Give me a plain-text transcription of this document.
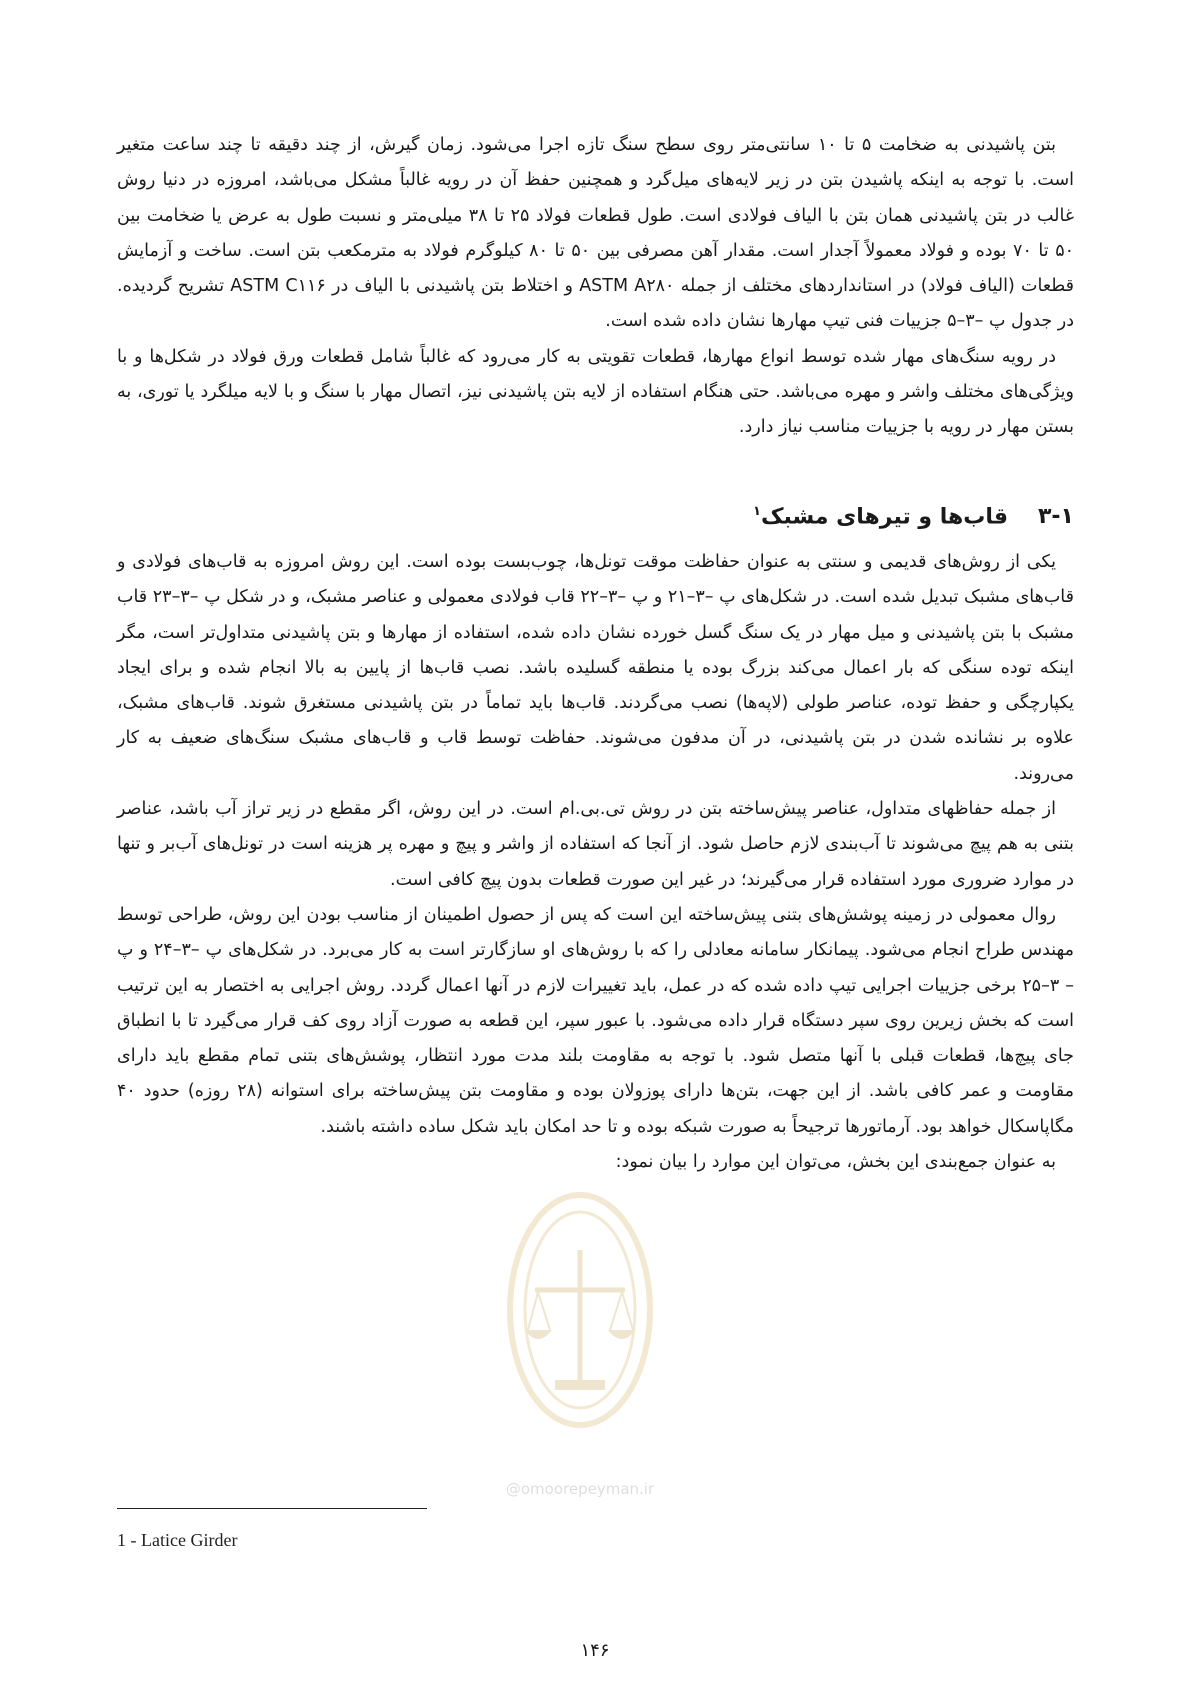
بتن پاشیدنی به ضخامت ۵ تا ۱۰ سانتی‌متر روی سطح سنگ تازه اجرا می‌شود. زمان گیرش، از چند دقیقه تا چند ساعت متغیر است. با توجه به اینکه پاشیدن بتن در زیر لایه‌های میل‌گرد و همچنین حفظ آن در رویه غالباً مشکل می‌باشد، امروزه در دنیا روش غالب در بتن پاشیدنی همان بتن با الیاف فولادی است. طول قطعات فولاد ۲۵ تا ۳۸ میلی‌متر و نسبت طول به عرض یا ضخامت بین ۵۰ تا ۷۰ بوده و فولاد معمولاً آجدار است. مقدار آهن مصرفی بین ۵۰ تا ۸۰ کیلوگرم فولاد به مترمکعب بتن است. ساخت و آزمایش قطعات (الیاف فولاد) در استانداردهای مختلف از جمله ASTM A۲۸۰ و اختلاط بتن پاشیدنی با الیاف در ASTM C۱۱۶ تشریح گردیده. در جدول پ –۳–۵ جزییات فنی تیپ مهارها نشان داده شده است.

در رویه سنگ‌های مهار شده توسط انواع مهارها، قطعات تقویتی به کار می‌رود که غالباً شامل قطعات ورق فولاد در شکل‌ها و با ویژگی‌های مختلف واشر و مهره می‌باشد. حتی هنگام استفاده از لایه بتن پاشیدنی نیز، اتصال مهار با سنگ و با لایه میلگرد یا توری، به بستن مهار در رویه با جزییات مناسب نیاز دارد.

۳-۱قاب‌ها و تیرهای مشبک$^۱$

یکی از روش‌های قدیمی و سنتی به عنوان حفاظت موقت تونل‌ها، چوب‌بست بوده است. این روش امروزه به قاب‌های فولادی و قاب‌های مشبک تبدیل شده است. در شکل‌های پ –۳–۲۱ و پ –۳–۲۲ قاب فولادی معمولی و عناصر مشبک، و در شکل پ –۳–۲۳ قاب مشبک با بتن پاشیدنی و میل مهار در یک سنگ گسل خورده نشان داده شده، استفاده از مهارها و بتن پاشیدنی متداول‌تر است، مگر اینکه توده سنگی که بار اعمال می‌کند بزرگ بوده یا منطقه گسلیده باشد. نصب قاب‌ها از پایین به بالا انجام شده و برای ایجاد یکپارچگی و حفظ توده، عناصر طولی (لاپه‌ها) نصب می‌گردند. قاب‌ها باید تماماً در بتن پاشیدنی مستغرق شوند. قاب‌های مشبک، علاوه بر نشانده شدن در بتن پاشیدنی، در آن مدفون می‌شوند. حفاظت توسط قاب و قاب‌های مشبک سنگ‌های ضعیف به کار می‌روند.

از جمله حفاظهای متداول، عناصر پیش‌ساخته بتن در روش تی.بی.ام است. در این روش، اگر مقطع در زیر تراز آب باشد، عناصر بتنی به هم پیچ می‌شوند تا آب‌بندی لازم حاصل شود. از آنجا که استفاده از واشر و پیچ و مهره پر هزینه است در تونل‌های آب‌بر و تنها در موارد ضروری مورد استفاده قرار می‌گیرند؛ در غیر این صورت قطعات بدون پیچ کافی است.

روال معمولی در زمینه پوشش‌های بتنی پیش‌ساخته این است که پس از حصول اطمینان از مناسب بودن این روش، طراحی توسط مهندس طراح انجام می‌شود. پیمانکار سامانه معادلی را که با روش‌های او سازگارتر است به کار می‌برد. در شکل‌های پ –۳–۲۴ و پ – ۳–۲۵ برخی جزییات اجرایی تیپ داده شده که در عمل، باید تغییرات لازم در آنها اعمال گردد. روش اجرایی به اختصار به این ترتیب است که بخش زیرین روی سپر دستگاه قرار داده می‌شود. با عبور سپر، این قطعه به صورت آزاد روی کف قرار می‌گیرد تا با انطباق جای پیچ‌ها، قطعات قبلی با آنها متصل شود. با توجه به مقاومت بلند مدت مورد انتظار، پوشش‌های بتنی تمام مقطع باید دارای مقاومت و عمر کافی باشد. از این جهت، بتن‌ها دارای پوزولان بوده و مقاومت بتن پیش‌ساخته برای استوانه (۲۸ روزه) حدود ۴۰ مگاپاسکال خواهد بود. آرماتورها ترجیحاً به صورت شبکه بوده و تا حد امکان باید شکل ساده داشته باشند.

به عنوان جمع‌بندی این بخش، می‌توان این موارد را بیان نمود:

@omoorepeyman.ir
1 - Latice Girder
۱۴۶
